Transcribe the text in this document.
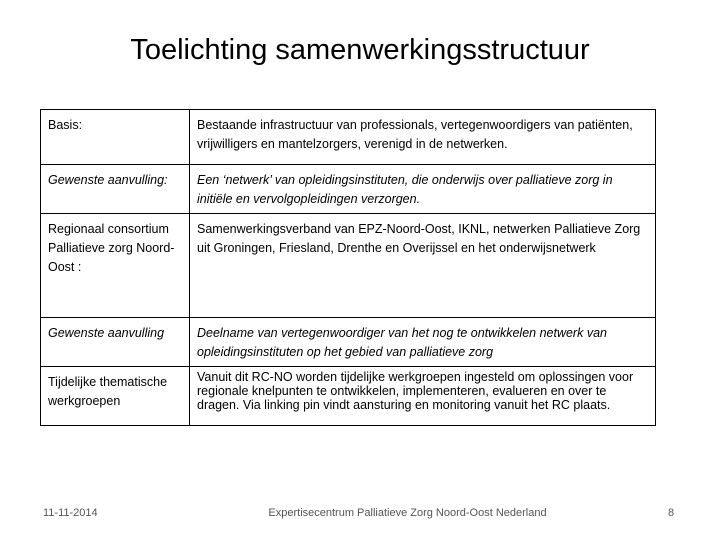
Toelichting samenwerkingsstructuur
Basis:	Bestaande infrastructuur van professionals, vertegenwoordigers van patiënten, vrijwilligers en mantelzorgers, verenigd in de netwerken.
Gewenste aanvulling:	Een ‘netwerk’ van opleidingsinstituten, die onderwijs over palliatieve zorg in initiële en vervolgopleidingen verzorgen.
Regionaal consortium Palliatieve zorg Noord-Oost :	Samenwerkingsverband van EPZ-Noord-Oost, IKNL, netwerken Palliatieve Zorg uit Groningen, Friesland, Drenthe en Overijssel en het onderwijsnetwerk
Gewenste aanvulling	Deelname van vertegenwoordiger van het nog te ontwikkelen netwerk van opleidingsinstituten op het gebied van palliatieve zorg
Tijdelijke thematische werkgroepen	Vanuit dit RC-NO worden tijdelijke werkgroepen ingesteld om oplossingen voor regionale knelpunten te ontwikkelen, implementeren, evalueren en over te dragen. Via linking pin vindt aansturing en monitoring vanuit het RC plaats.
11-11-2014	Expertisecentrum Palliatieve Zorg Noord-Oost Nederland	8
